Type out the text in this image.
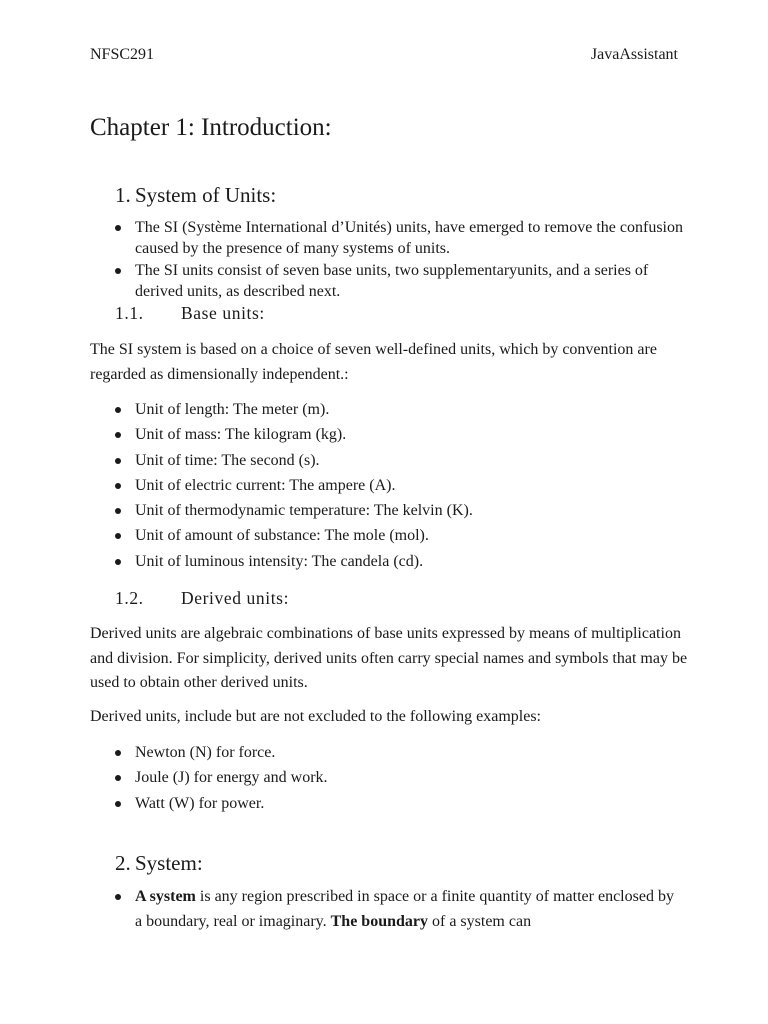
NFSC291	JavaAssistant
Chapter 1: Introduction:
1. System of Units:
The SI (Système International d’Unités) units, have emerged to remove the confusion caused by the presence of many systems of units.
The SI units consist of seven base units, two supplementaryunits, and a series of derived units, as described next.
1.1. Base units:

The SI system is based on a choice of seven well-defined units, which by convention are regarded as dimensionally independent.:

Unit of length: The meter (m).
Unit of mass: The kilogram (kg).
Unit of time: The second (s).
Unit of electric current: The ampere (A).
Unit of thermodynamic temperature: The kelvin (K).
Unit of amount of substance: The mole (mol).
Unit of luminous intensity: The candela (cd).
1.2. Derived units:

Derived units are algebraic combinations of base units expressed by means of multiplication and division. For simplicity, derived units often carry special names and symbols that may be used to obtain other derived units.

Derived units, include but are not excluded to the following examples:

Newton (N) for force.
Joule (J) for energy and work.
Watt (W) for power.
2. System:
A system is any region prescribed in space or a finite quantity of matter enclosed by a boundary, real or imaginary. The boundary of a system can
